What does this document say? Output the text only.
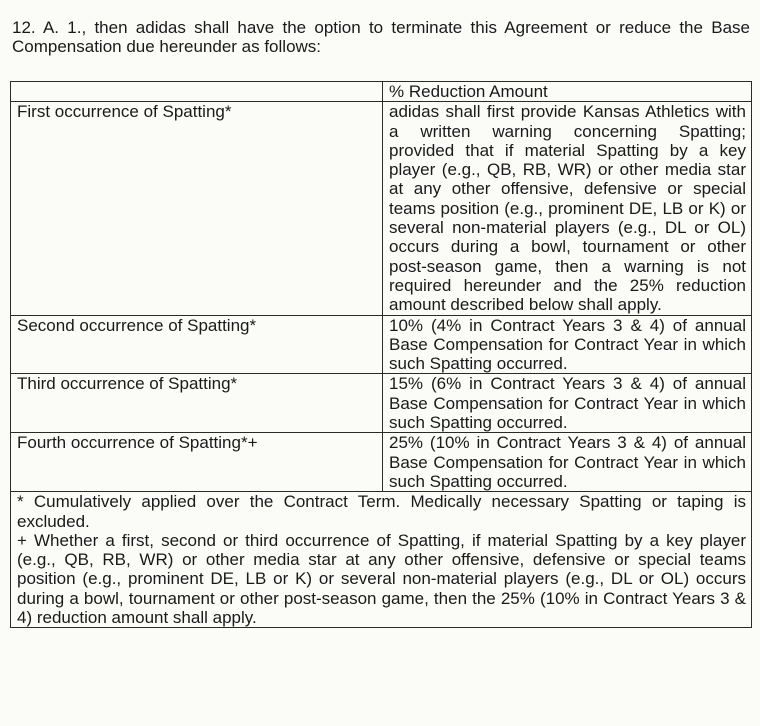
12. A. 1., then adidas shall have the option to terminate this Agreement or reduce the Base Compensation due hereunder as follows:

	% Reduction Amount
First occurrence of Spatting*	adidas shall first provide Kansas Athletics with a written warning concerning Spatting; provided that if material Spatting by a key player (e.g., QB, RB, WR) or other media star at any other offensive, defensive or special teams position (e.g., prominent DE, LB or K) or several non-material players (e.g., DL or OL) occurs during a bowl, tournament or other post-season game, then a warning is not required hereunder and the 25% reduction amount described below shall apply.
Second occurrence of Spatting*	10% (4% in Contract Years 3 & 4) of annual Base Compensation for Contract Year in which such Spatting occurred.
Third occurrence of Spatting*	15% (6% in Contract Years 3 & 4) of annual Base Compensation for Contract Year in which such Spatting occurred.
Fourth occurrence of Spatting*+	25% (10% in Contract Years 3 & 4) of annual Base Compensation for Contract Year in which such Spatting occurred.

* Cumulatively applied over the Contract Term. Medically necessary Spatting or taping is excluded.
+ Whether a first, second or third occurrence of Spatting, if material Spatting by a key player (e.g., QB, RB, WR) or other media star at any other offensive, defensive or special teams position (e.g., prominent DE, LB or K) or several non-material players (e.g., DL or OL) occurs during a bowl, tournament or other post-season game, then the 25% (10% in Contract Years 3 & 4) reduction amount shall apply.	
